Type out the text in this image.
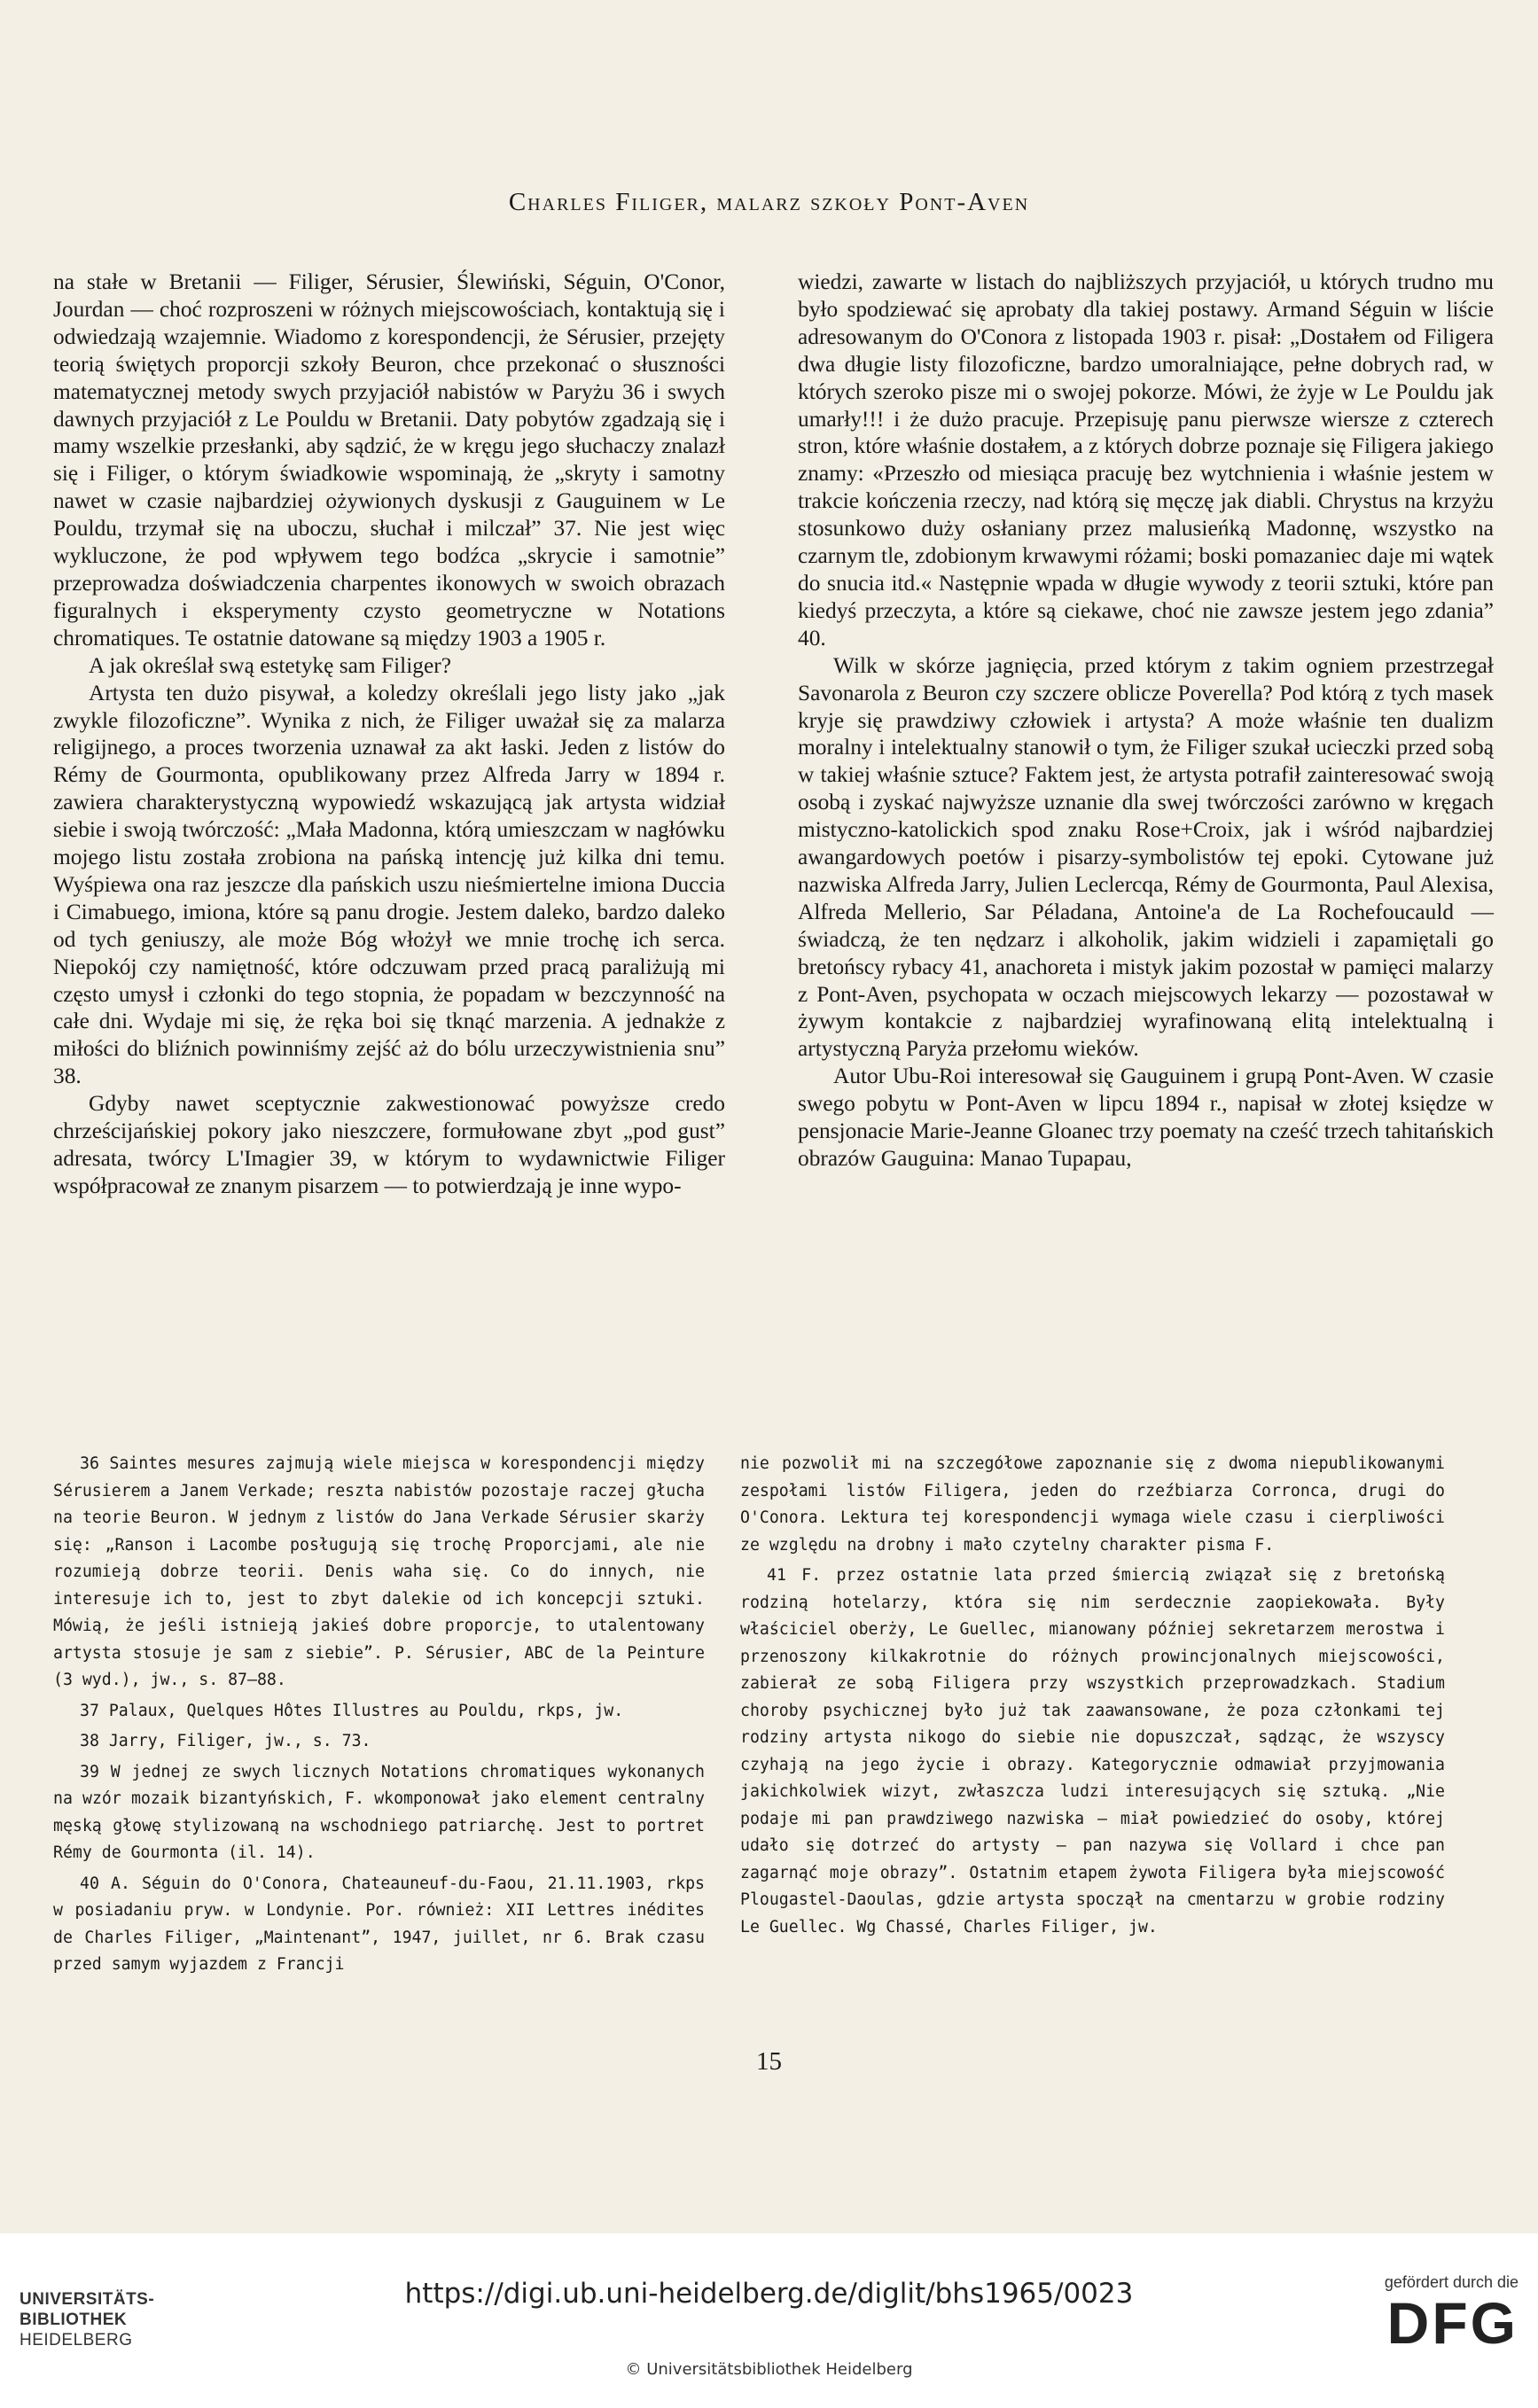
Charles Filiger, malarz szkoły Pont-Aven

na stałe w Bretanii — Filiger, Sérusier, Ślewiński, Séguin, O'Conor, Jourdan — choć rozproszeni w różnych miejscowościach, kontaktują się i odwiedzają wzajemnie. Wiadomo z korespondencji, że Sérusier, przejęty teorią świętych proporcji szkoły Beuron, chce przekonać o słuszności matematycznej metody swych przyjaciół nabistów w Paryżu 36 i swych dawnych przyjaciół z Le Pouldu w Bretanii. Daty pobytów zgadzają się i mamy wszelkie przesłanki, aby sądzić, że w kręgu jego słuchaczy znalazł się i Filiger, o którym świadkowie wspominają, że „skryty i samotny nawet w czasie najbardziej ożywionych dyskusji z Gauguinem w Le Pouldu, trzymał się na uboczu, słuchał i milczał” 37. Nie jest więc wykluczone, że pod wpływem tego bodźca „skrycie i samotnie” przeprowadza doświadczenia charpentes ikonowych w swoich obrazach figuralnych i eksperymenty czysto geometryczne w Notations chromatiques. Te ostatnie datowane są między 1903 a 1905 r.

A jak określał swą estetykę sam Filiger?

Artysta ten dużo pisywał, a koledzy określali jego listy jako „jak zwykle filozoficzne”. Wynika z nich, że Filiger uważał się za malarza religijnego, a proces tworzenia uznawał za akt łaski. Jeden z listów do Rémy de Gourmonta, opublikowany przez Alfreda Jarry w 1894 r. zawiera charakterystyczną wypowiedź wskazującą jak artysta widział siebie i swoją twórczość: „Mała Madonna, którą umieszczam w nagłówku mojego listu została zrobiona na pańską intencję już kilka dni temu. Wyśpiewa ona raz jeszcze dla pańskich uszu nieśmiertelne imiona Duccia i Cimabuego, imiona, które są panu drogie. Jestem daleko, bardzo daleko od tych geniuszy, ale może Bóg włożył we mnie trochę ich serca. Niepokój czy namiętność, które odczuwam przed pracą paraliżują mi często umysł i członki do tego stopnia, że popadam w bezczynność na całe dni. Wydaje mi się, że ręka boi się tknąć marzenia. A jednakże z miłości do bliźnich powinniśmy zejść aż do bólu urzeczywistnienia snu” 38.

Gdyby nawet sceptycznie zakwestionować powyższe credo chrześcijańskiej pokory jako nieszczere, formułowane zbyt „pod gust” adresata, twórcy L'Imagier 39, w którym to wydawnictwie Filiger współpracował ze znanym pisarzem — to potwierdzają je inne wypo-

wiedzi, zawarte w listach do najbliższych przyjaciół, u których trudno mu było spodziewać się aprobaty dla takiej postawy. Armand Séguin w liście adresowanym do O'Conora z listopada 1903 r. pisał: „Dostałem od Filigera dwa długie listy filozoficzne, bardzo umoralniające, pełne dobrych rad, w których szeroko pisze mi o swojej pokorze. Mówi, że żyje w Le Pouldu jak umarły!!! i że dużo pracuje. Przepisuję panu pierwsze wiersze z czterech stron, które właśnie dostałem, a z których dobrze poznaje się Filigera jakiego znamy: «Przeszło od miesiąca pracuję bez wytchnienia i właśnie jestem w trakcie kończenia rzeczy, nad którą się męczę jak diabli. Chrystus na krzyżu stosunkowo duży osłaniany przez malusieńką Madonnę, wszystko na czarnym tle, zdobionym krwawymi różami; boski pomazaniec daje mi wątek do snucia itd.« Następnie wpada w długie wywody z teorii sztuki, które pan kiedyś przeczyta, a które są ciekawe, choć nie zawsze jestem jego zdania” 40.

Wilk w skórze jagnięcia, przed którym z takim ogniem przestrzegał Savonarola z Beuron czy szczere oblicze Poverella? Pod którą z tych masek kryje się prawdziwy człowiek i artysta? A może właśnie ten dualizm moralny i intelektualny stanowił o tym, że Filiger szukał ucieczki przed sobą w takiej właśnie sztuce? Faktem jest, że artysta potrafił zainteresować swoją osobą i zyskać najwyższe uznanie dla swej twórczości zarówno w kręgach mistyczno-katolickich spod znaku Rose+Croix, jak i wśród najbardziej awangardowych poetów i pisarzy-symbolistów tej epoki. Cytowane już nazwiska Alfreda Jarry, Julien Leclercqa, Rémy de Gourmonta, Paul Alexisa, Alfreda Mellerio, Sar Péladana, Antoine'a de La Rochefoucauld — świadczą, że ten nędzarz i alkoholik, jakim widzieli i zapamiętali go bretońscy rybacy 41, anachoreta i mistyk jakim pozostał w pamięci malarzy z Pont-Aven, psychopata w oczach miejscowych lekarzy — pozostawał w żywym kontakcie z najbardziej wyrafinowaną elitą intelektualną i artystyczną Paryża przełomu wieków.

Autor Ubu-Roi interesował się Gauguinem i grupą Pont-Aven. W czasie swego pobytu w Pont-Aven w lipcu 1894 r., napisał w złotej księdze w pensjonacie Marie-Jeanne Gloanec trzy poematy na cześć trzech tahitańskich obrazów Gauguina: Manao Tupapau,

36 Saintes mesures zajmują wiele miejsca w korespondencji między Sérusierem a Janem Verkade; reszta nabistów pozostaje raczej głucha na teorie Beuron. W jednym z listów do Jana Verkade Sérusier skarży się: „Ranson i Lacombe posługują się trochę Proporcjami, ale nie rozumieją dobrze teorii. Denis waha się. Co do innych, nie interesuje ich to, jest to zbyt dalekie od ich koncepcji sztuki. Mówią, że jeśli istnieją jakieś dobre proporcje, to utalentowany artysta stosuje je sam z siebie”. P. Sérusier, ABC de la Peinture (3 wyd.), jw., s. 87—88.

37 Palaux, Quelques Hôtes Illustres au Pouldu, rkps, jw.

38 Jarry, Filiger, jw., s. 73.

39 W jednej ze swych licznych Notations chromatiques wykonanych na wzór mozaik bizantyńskich, F. wkomponował jako element centralny męską głowę stylizowaną na wschodniego patriarchę. Jest to portret Rémy de Gourmonta (il. 14).

40 A. Séguin do O'Conora, Chateauneuf-du-Faou, 21.11.1903, rkps w posiadaniu pryw. w Londynie. Por. również: XII Lettres inédites de Charles Filiger, „Maintenant”, 1947, juillet, nr 6. Brak czasu przed samym wyjazdem z Francji

nie pozwolił mi na szczegółowe zapoznanie się z dwoma niepublikowanymi zespołami listów Filigera, jeden do rzeźbiarza Corronca, drugi do O'Conora. Lektura tej korespondencji wymaga wiele czasu i cierpliwości ze względu na drobny i mało czytelny charakter pisma F.

41 F. przez ostatnie lata przed śmiercią związał się z bretońską rodziną hotelarzy, która się nim serdecznie zaopiekowała. Były właściciel oberży, Le Guellec, mianowany później sekretarzem merostwa i przenoszony kilkakrotnie do różnych prowincjonalnych miejscowości, zabierał ze sobą Filigera przy wszystkich przeprowadzkach. Stadium choroby psychicznej było już tak zaawansowane, że poza członkami tej rodziny artysta nikogo do siebie nie dopuszczał, sądząc, że wszyscy czyhają na jego życie i obrazy. Kategorycznie odmawiał przyjmowania jakichkolwiek wizyt, zwłaszcza ludzi interesujących się sztuką. „Nie podaje mi pan prawdziwego nazwiska — miał powiedzieć do osoby, której udało się dotrzeć do artysty — pan nazywa się Vollard i chce pan zagarnąć moje obrazy”. Ostatnim etapem żywota Filigera była miejscowość Plougastel-Daoulas, gdzie artysta spoczął na cmentarzu w grobie rodziny Le Guellec. Wg Chassé, Charles Filiger, jw.

15
UNIVERSITÄTS-
BIBLIOTHEK
HEIDELBERG
https://digi.ub.uni-heidelberg.de/diglit/bhs1965/0023
© Universitätsbibliothek Heidelberg
gefördert durch die
DFG
